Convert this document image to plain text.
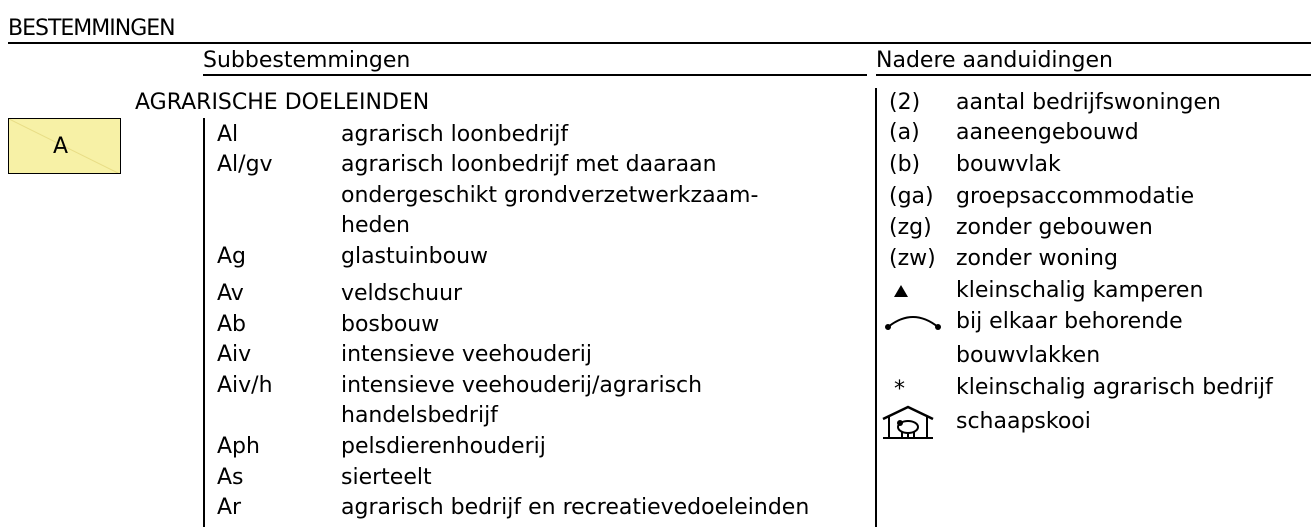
BESTEMMINGEN
Subbestemmingen	Nadere aanduidingen
AGRARISCHE DOELEINDEN
A	Al	agrarisch loonbedrijf
Al/gv	agrarisch loonbedrijf met daaraan
ondergeschikt grondverzetwerkzaam-
heden
Ag	glastuinbouw
Av	veldschuur
Ab	bosbouw
Aiv	intensieve veehouderij
Aiv/h	intensieve veehouderij/agrarisch
handelsbedrijf
Aph	pelsdierenhouderij
As	sierteelt
Ar	agrarisch bedrijf en recreatievedoeleinden
(2) aantal bedrijfswoningen
(a) aaneengebouwd
(b) bouwvlak
(ga) groepsaccommodatie
(zg) zonder gebouwen
(zw) zonder woning
kleinschalig kamperen
bij elkaar behorende
bouwvlakken
* kleinschalig agrarisch bedrijf
schaapskooi
